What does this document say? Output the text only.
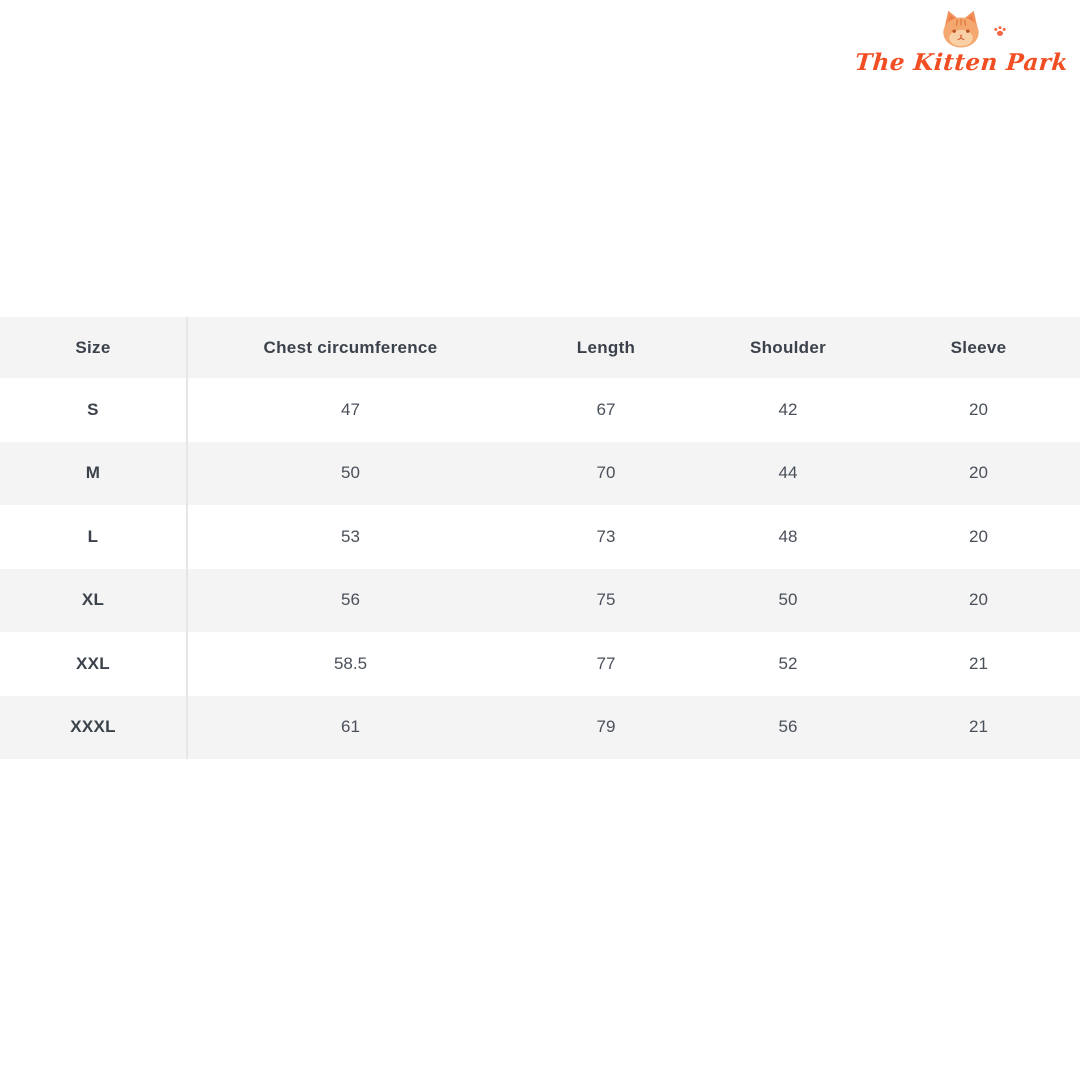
The Kitten Park
Size	Chest circumference	Length	Shoulder	Sleeve
S	47	67	42	20
M	50	70	44	20
L	53	73	48	20
XL	56	75	50	20
XXL	58.5	77	52	21
XXXL	61	79	56	21
